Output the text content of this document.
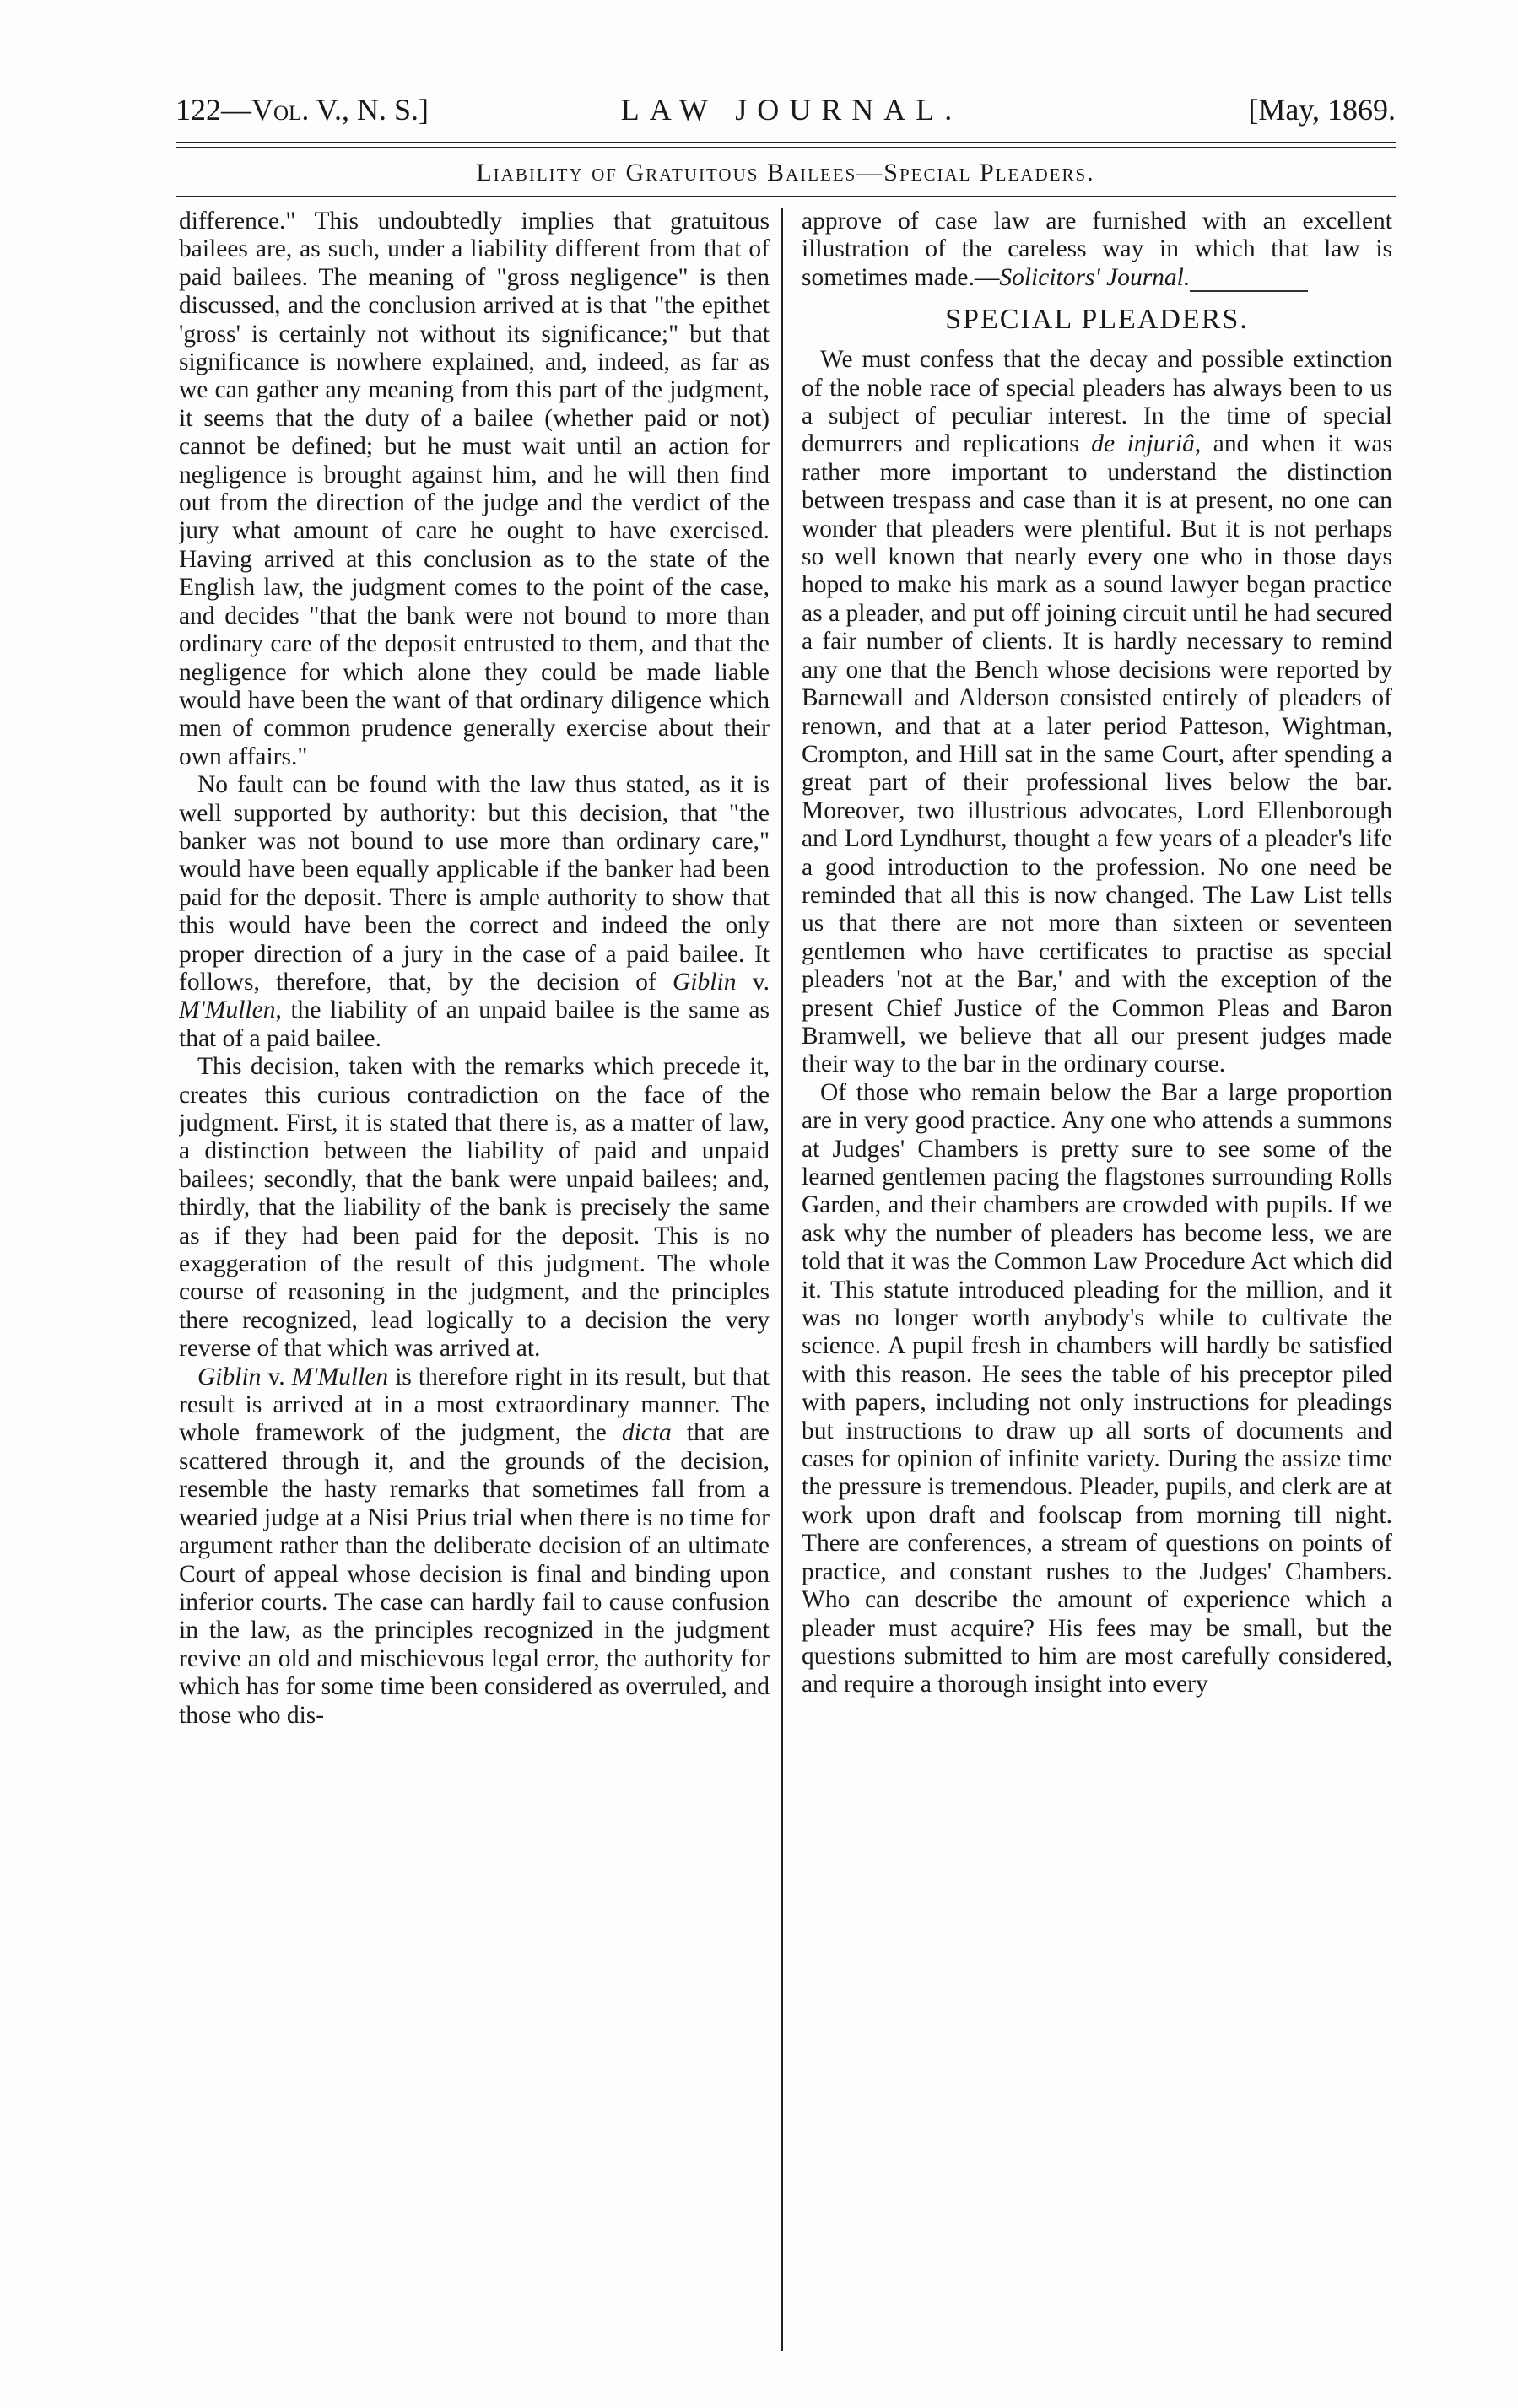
122—Vol. V., N. S.]	LAW JOURNAL.	[May, 1869.
Liability of Gratuitous Bailees—Special Pleaders.

difference." This undoubtedly implies that gratuitous bailees are, as such, under a liability different from that of paid bailees. The meaning of "gross negligence" is then discussed, and the conclusion arrived at is that "the epithet 'gross' is certainly not without its significance;" but that significance is nowhere explained, and, indeed, as far as we can gather any meaning from this part of the judgment, it seems that the duty of a bailee (whether paid or not) cannot be defined; but he must wait until an action for negligence is brought against him, and he will then find out from the direction of the judge and the verdict of the jury what amount of care he ought to have exercised. Having arrived at this conclusion as to the state of the English law, the judgment comes to the point of the case, and decides "that the bank were not bound to more than ordinary care of the deposit entrusted to them, and that the negligence for which alone they could be made liable would have been the want of that ordinary diligence which men of common prudence generally exercise about their own affairs."

No fault can be found with the law thus stated, as it is well supported by authority: but this decision, that "the banker was not bound to use more than ordinary care," would have been equally applicable if the banker had been paid for the deposit. There is ample authority to show that this would have been the correct and indeed the only proper direction of a jury in the case of a paid bailee. It follows, therefore, that, by the decision of Giblin v. M'Mullen, the liability of an unpaid bailee is the same as that of a paid bailee.

This decision, taken with the remarks which precede it, creates this curious contradiction on the face of the judgment. First, it is stated that there is, as a matter of law, a distinction between the liability of paid and unpaid bailees; secondly, that the bank were unpaid bailees; and, thirdly, that the liability of the bank is precisely the same as if they had been paid for the deposit. This is no exaggeration of the result of this judgment. The whole course of reasoning in the judgment, and the principles there recognized, lead logically to a decision the very reverse of that which was arrived at.

Giblin v. M'Mullen is therefore right in its result, but that result is arrived at in a most extraordinary manner. The whole framework of the judgment, the dicta that are scattered through it, and the grounds of the decision, resemble the hasty remarks that sometimes fall from a wearied judge at a Nisi Prius trial when there is no time for argument rather than the deliberate decision of an ultimate Court of appeal whose decision is final and binding upon inferior courts. The case can hardly fail to cause confusion in the law, as the principles recognized in the judgment revive an old and mischievous legal error, the authority for which has for some time been considered as overruled, and those who dis-

approve of case law are furnished with an excellent illustration of the careless way in which that law is sometimes made.—Solicitors' Journal.

SPECIAL PLEADERS.

We must confess that the decay and possible extinction of the noble race of special pleaders has always been to us a subject of peculiar interest. In the time of special demurrers and replications de injuriâ, and when it was rather more important to understand the distinction between trespass and case than it is at present, no one can wonder that pleaders were plentiful. But it is not perhaps so well known that nearly every one who in those days hoped to make his mark as a sound lawyer began practice as a pleader, and put off joining circuit until he had secured a fair number of clients. It is hardly necessary to remind any one that the Bench whose decisions were reported by Barnewall and Alderson consisted entirely of pleaders of renown, and that at a later period Patteson, Wightman, Crompton, and Hill sat in the same Court, after spending a great part of their professional lives below the bar. Moreover, two illustrious advocates, Lord Ellenborough and Lord Lyndhurst, thought a few years of a pleader's life a good introduction to the profession. No one need be reminded that all this is now changed. The Law List tells us that there are not more than sixteen or seventeen gentlemen who have certificates to practise as special pleaders 'not at the Bar,' and with the exception of the present Chief Justice of the Common Pleas and Baron Bramwell, we believe that all our present judges made their way to the bar in the ordinary course.

Of those who remain below the Bar a large proportion are in very good practice. Any one who attends a summons at Judges' Chambers is pretty sure to see some of the learned gentlemen pacing the flagstones surrounding Rolls Garden, and their chambers are crowded with pupils. If we ask why the number of pleaders has become less, we are told that it was the Common Law Procedure Act which did it. This statute introduced pleading for the million, and it was no longer worth anybody's while to cultivate the science. A pupil fresh in chambers will hardly be satisfied with this reason. He sees the table of his preceptor piled with papers, including not only instructions for pleadings but instructions to draw up all sorts of documents and cases for opinion of infinite variety. During the assize time the pressure is tremendous. Pleader, pupils, and clerk are at work upon draft and foolscap from morning till night. There are conferences, a stream of questions on points of practice, and constant rushes to the Judges' Chambers. Who can describe the amount of experience which a pleader must acquire? His fees may be small, but the questions submitted to him are most carefully considered, and require a thorough insight into every
